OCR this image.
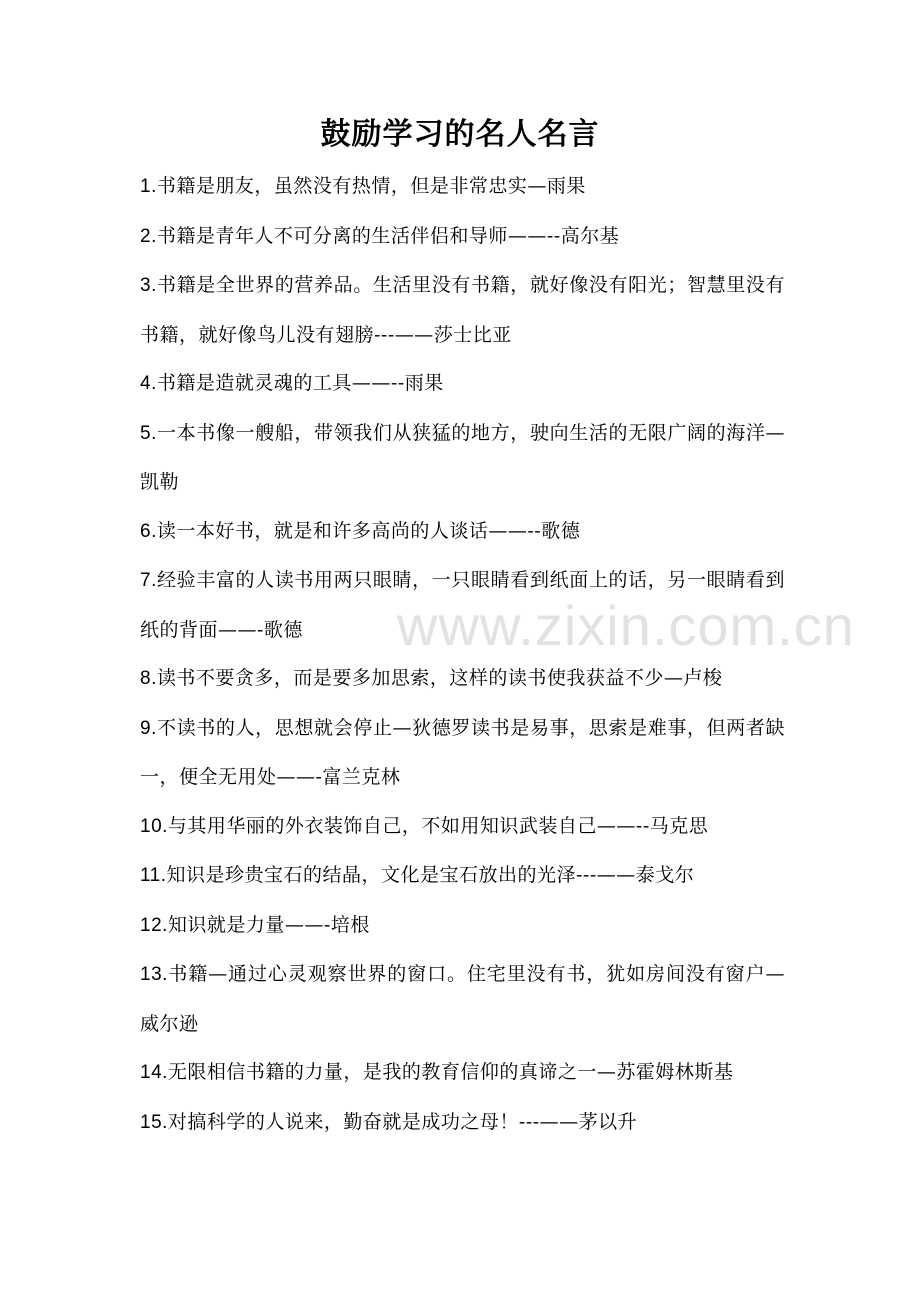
www.zixin.com.cn
鼓励学习的名人名言
1.书籍是朋友，虽然没有热情，但是非常忠实—雨果
2.书籍是青年人不可分离的生活伴侣和导师——--高尔基
3.书籍是全世界的营养品。生活里没有书籍，就好像没有阳光；智慧里没有书籍，就好像鸟儿没有翅膀---——莎士比亚
4.书籍是造就灵魂的工具——--雨果
5.一本书像一艘船，带领我们从狭猛的地方，驶向生活的无限广阔的海洋—凯勒
6.读一本好书，就是和许多高尚的人谈话——--歌德
7.经验丰富的人读书用两只眼睛，一只眼睛看到纸面上的话，另一眼睛看到纸的背面——-歌德
8.读书不要贪多，而是要多加思索，这样的读书使我获益不少—卢梭
9.不读书的人，思想就会停止—狄德罗读书是易事，思索是难事，但两者缺一，便全无用处——-富兰克林
10.与其用华丽的外衣装饰自己，不如用知识武装自己——--马克思
11.知识是珍贵宝石的结晶，文化是宝石放出的光泽---——泰戈尔
12.知识就是力量——-培根
13.书籍—通过心灵观察世界的窗口。住宅里没有书，犹如房间没有窗户—威尔逊
14.无限相信书籍的力量，是我的教育信仰的真谛之一—苏霍姆林斯基
15.对搞科学的人说来，勤奋就是成功之母！---——茅以升
